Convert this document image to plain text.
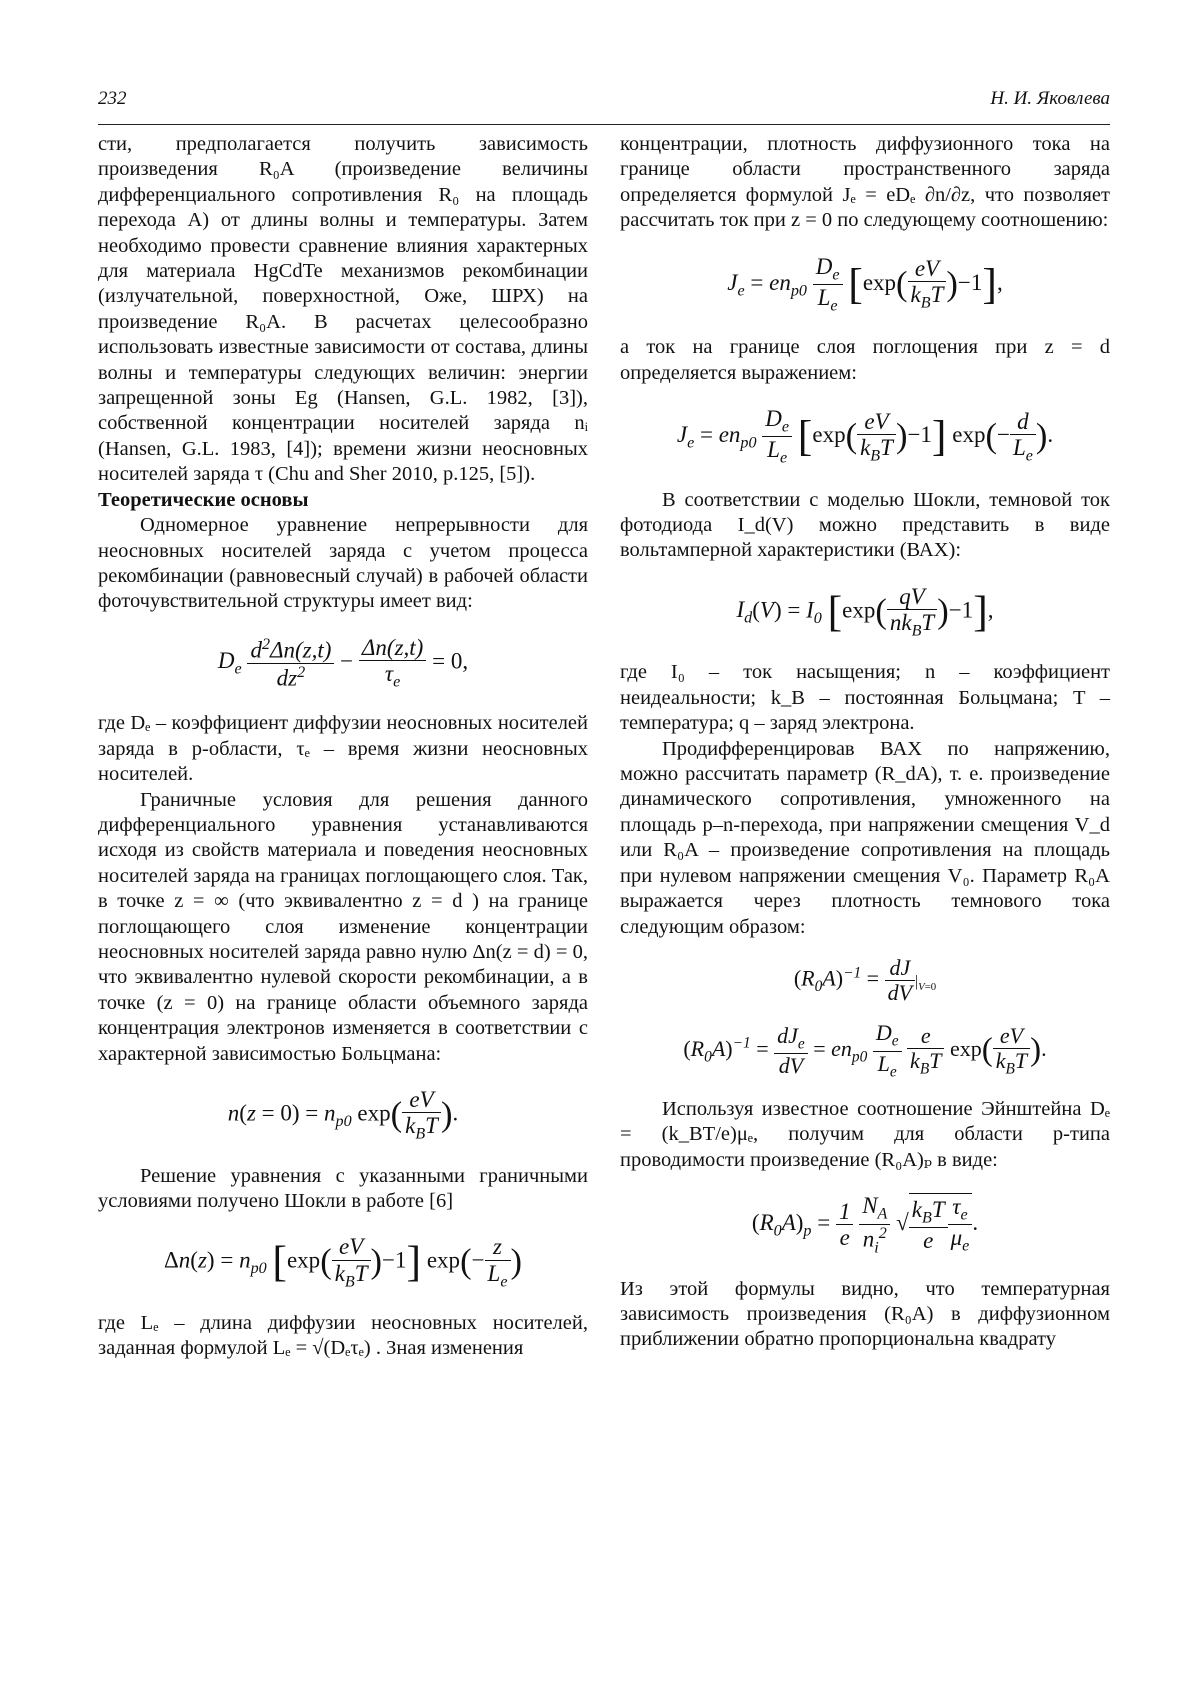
232	Н. И. Яковлева

сти, предполагается получить зависимость произведения R₀A (произведение величины дифференциального сопротивления R₀ на площадь перехода A) от длины волны и температуры. Затем необходимо провести сравнение влияния характерных для материала HgCdTe механизмов рекомбинации (излучательной, поверхностной, Оже, ШРХ) на произведение R₀A. В расчетах целесообразно использовать известные зависимости от состава, длины волны и температуры следующих величин: энергии запрещенной зоны Eg (Hansen, G.L. 1982, [3]), собственной концентрации носителей заряда nᵢ (Hansen, G.L. 1983, [4]); времени жизни неосновных носителей заряда τ (Chu and Sher 2010, p.125, [5]).

Теоретические основы

Одномерное уравнение непрерывности для неосновных носителей заряда с учетом процесса рекомбинации (равновесный случай) в рабочей области фоточувствительной структуры имеет вид:

De
d2Δn(z,t)
dz2	−
Δn(z,t)
τe
= 0,

где Dₑ – коэффициент диффузии неосновных носителей заряда в p-области, τₑ – время жизни неосновных носителей.

Граничные условия для решения данного дифференциального уравнения устанавливаются исходя из свойств материала и поведения неосновных носителей заряда на границах поглощающего слоя. Так, в точке z = ∞ (что эквивалентно z = d ) на границе поглощающего слоя изменение концентрации неосновных носителей заряда равно нулю Δn(z = d) = 0, что эквивалентно нулевой скорости рекомбинации, а в точке (z = 0) на границе области объемного заряда концентрация электронов изменяется в соответствии с характерной зависимостью Больцмана:

n(z = 0) = np0 exp( eV
kBT ).

Решение уравнения с указанными граничными условиями получено Шокли в работе [6]

Δn(z) = np0 [exp( eV
kBT )−1] exp(−
z
Le
)

где Lₑ – длина диффузии неосновных носителей, заданная формулой Lₑ = √(Dₑτₑ) . Зная изменения

концентрации, плотность диффузионного тока на границе области пространственного заряда определяется формулой Jₑ = eDₑ ∂n/∂z, что позволяет рассчитать ток при z = 0 по следующему соотношению:

Je = enp0
De
Le [exp( eV
kBT )−1],

а ток на границе слоя поглощения при z = d определяется выражением:

Je = enp0
De
Le [exp( eV
kBT )−1] exp(−
d
Le
).

В соответствии с моделью Шокли, темновой ток фотодиода I_d(V) можно представить в виде вольтамперной характеристики (ВАХ):

Id(V) = I0 [exp( qV
nkBT )−1],

где I₀ – ток насыщения; n – коэффициент неидеальности; k_B – постоянная Больцмана; T – температура; q – заряд электрона.

Продифференцировав ВАХ по напряжению, можно рассчитать параметр (R_dA), т. е. произведение динамического сопротивления, умноженного на площадь p–n-перехода, при напряжении смещения V_d или R₀A – произведение сопротивления на площадь при нулевом напряжении смещения V₀. Параметр R₀A выражается через плотность темнового тока следующим образом:

(R0A)−1 = dJ
dV |V=0
(R0A)−1 =
dJe
dV
= enp0
De
Le

e
kBT exp( eV
kBT ).

Используя известное соотношение Эйнштейна Dₑ = (k_BT/e)μₑ, получим для области p-типа проводимости произведение (R₀A)ₚ в виде:

(R0A)p = 1
e

NA
ni2 √
kBT
e
τe
μe
.

Из этой формулы видно, что температурная зависимость произведения (R₀A) в диффузионном приближении обратно пропорциональна квадрату
